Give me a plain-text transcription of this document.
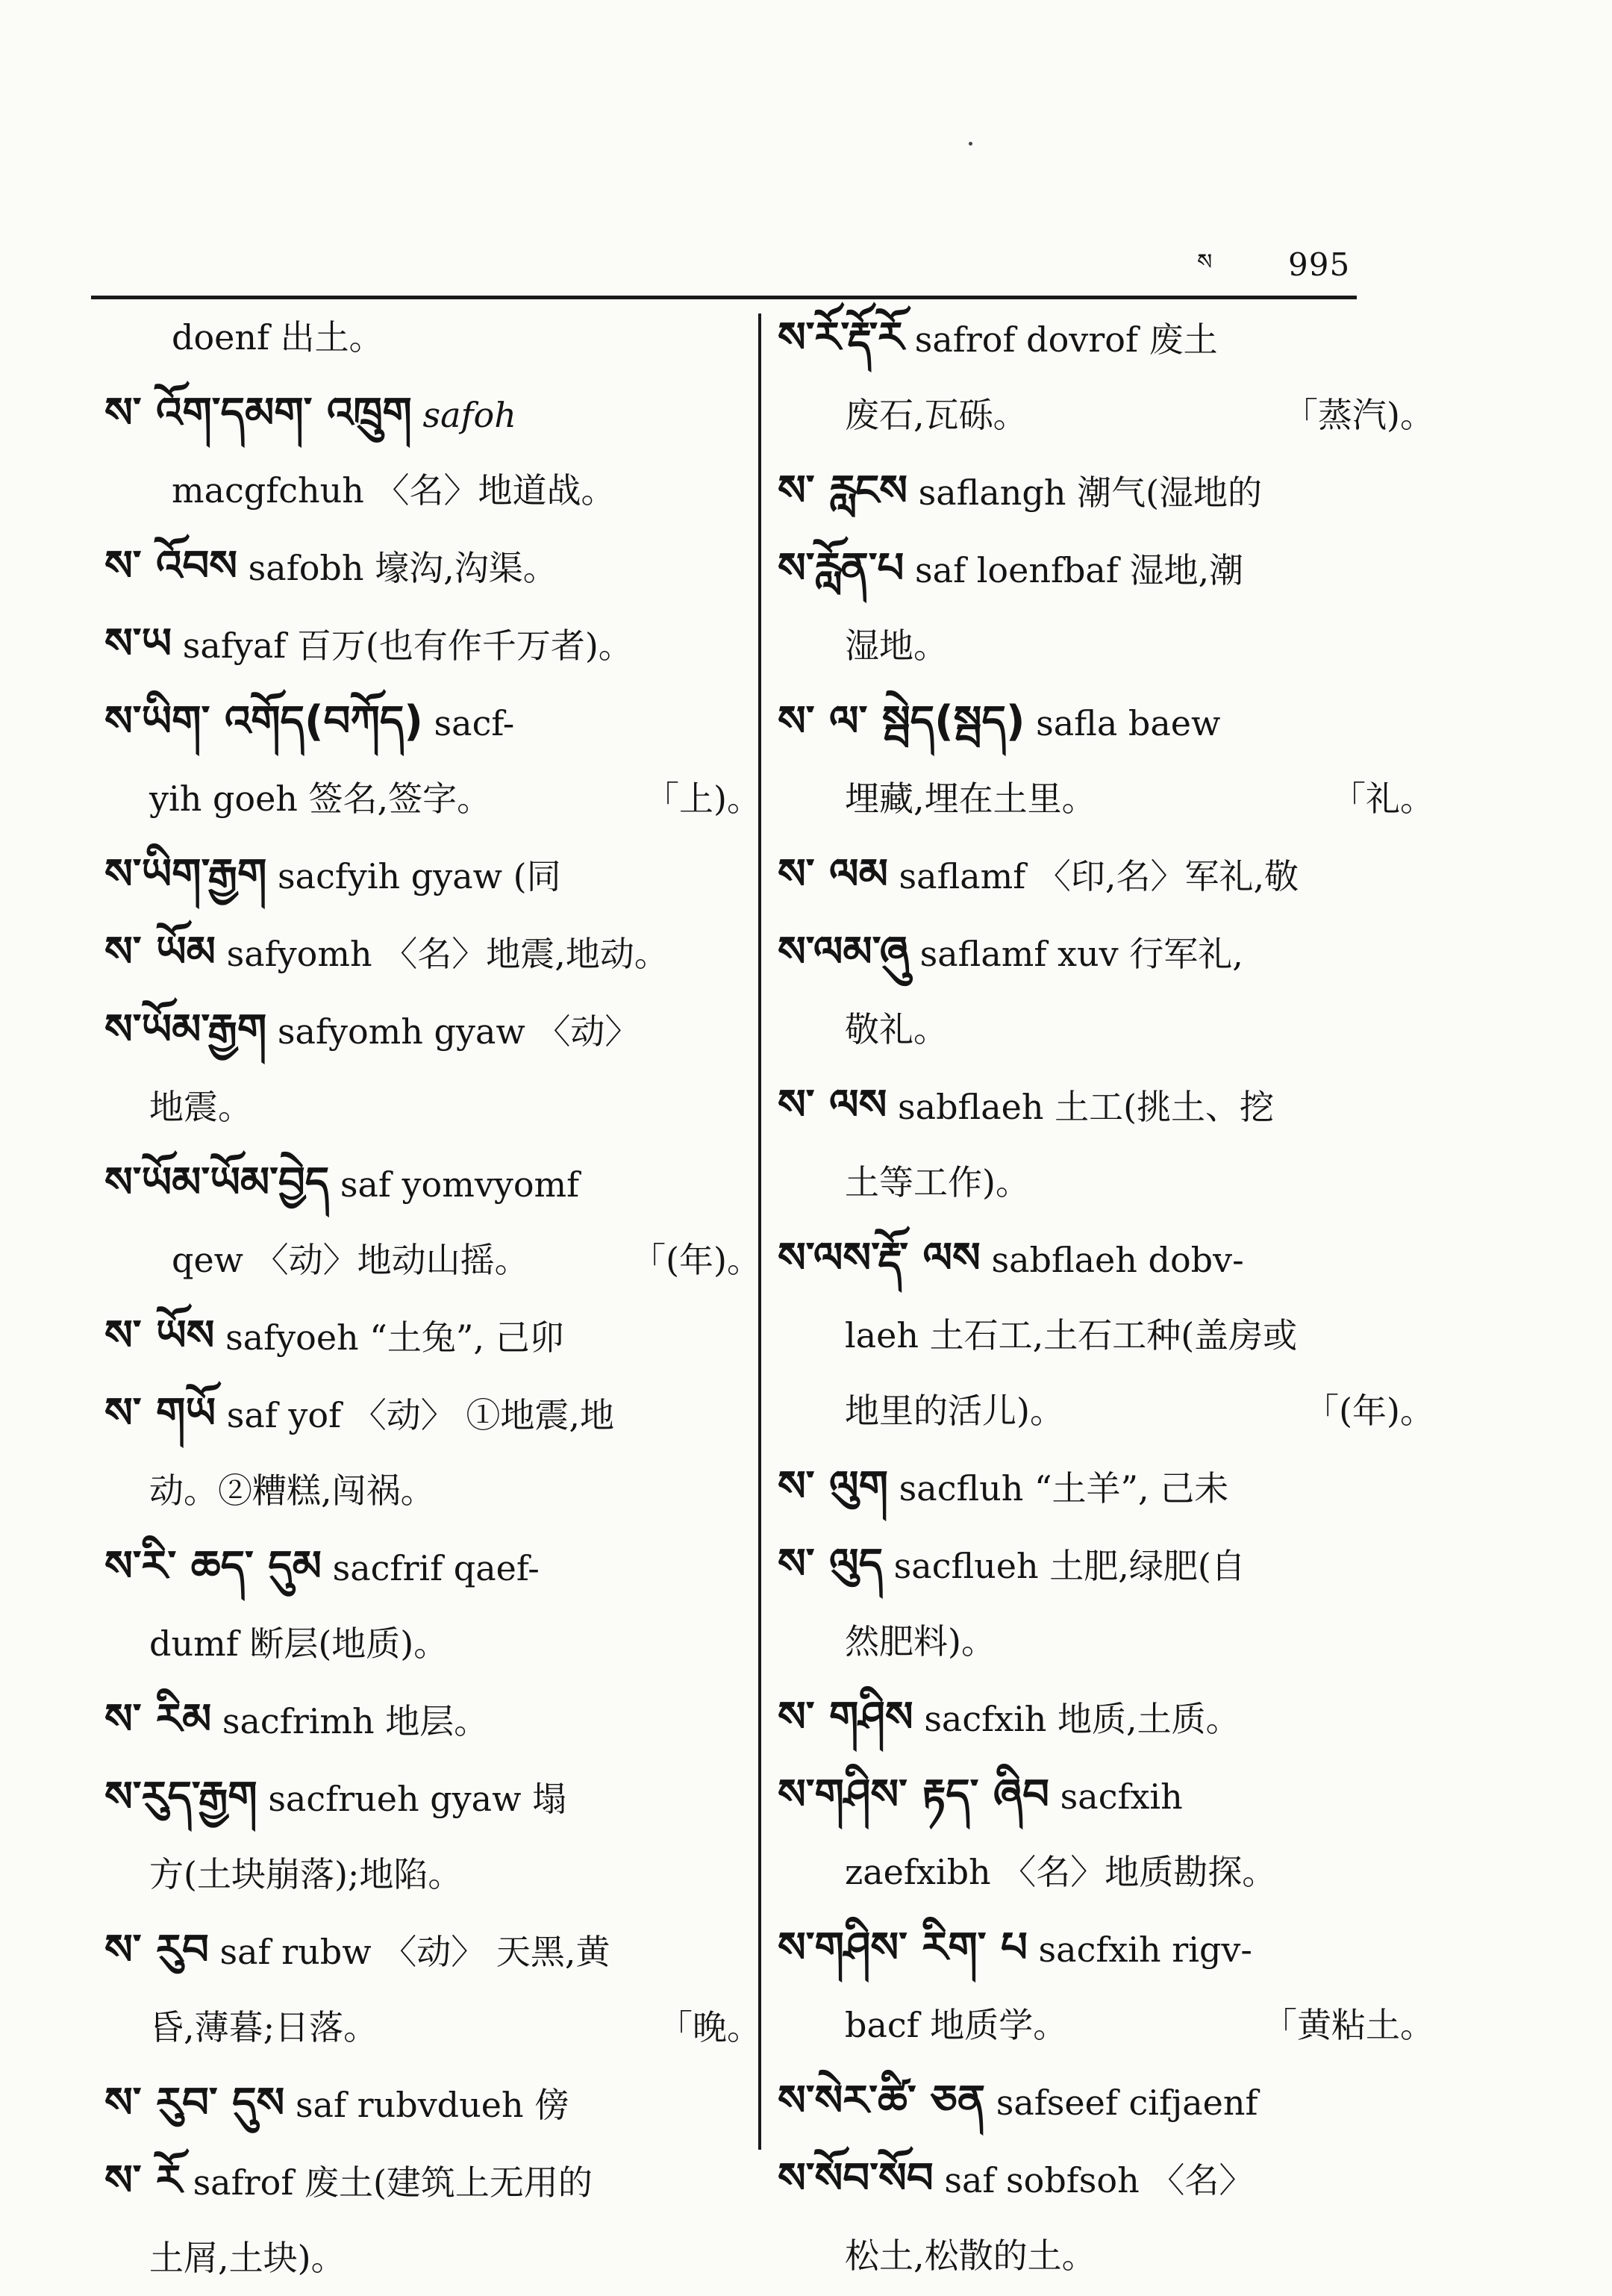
ས 995

doenf 出土。

ས་ འོག་དམག་ འཁྲུག safoh

macgfchuh 〈名〉地道战。

ས་ འོབས safobh 壕沟,沟渠。

ས་ཡ safyaf 百万(也有作千万者)。

ས་ཡིག་ འགོད(བཀོད) sacf-

yih goeh 签名,签字。	「上)。

ས་ཡིག་རྒྱག sacfyih gyaw (同

ས་ ཡོམ safyomh 〈名〉地震,地动。

ས་ཡོམ་རྒྱག safyomh gyaw 〈动〉

地震。

ས་ཡོམ་ཡོམ་བྱེད saf yomvyomf

qew 〈动〉地动山摇。	「(年)。

ས་ ཡོས safyoeh “土兔”, 己卯

ས་ གཡོ saf yof 〈动〉 ①地震,地

动。②糟糕,闯祸。

ས་རི་ ཆད་ དུམ sacfrif qaef-

dumf 断层(地质)。

ས་ རིམ sacfrimh 地层。

ས་རུད་རྒྱག sacfrueh gyaw 塌

方(土块崩落);地陷。

ས་ རུབ saf rubw 〈动〉 天黑,黄

昏,薄暮;日落。	「晚。

ས་ རུབ་ དུས saf rubvdueh 傍

ས་ རོ safrof 废土(建筑上无用的

土屑,土块)。

ས་རོ་རྡོ་རོ safrof dovrof 废土

废石,瓦砾。	「蒸汽)。

ས་ རླངས saflangh 潮气(湿地的

ས་རློན་པ saf loenfbaf 湿地,潮

湿地。

ས་ ལ་ སྦེད(སྦད) safla baew

埋藏,埋在土里。	「礼。

ས་ ལམ saflamf 〈印,名〉军礼,敬

ས་ལམ་ཞུ saflamf xuv 行军礼,

敬礼。

ས་ ལས sabflaeh 土工(挑土、挖

土等工作)。

ས་ལས་རྡོ་ ལས sabflaeh dobv-

laeh 土石工,土石工种(盖房或

地里的活儿)。	「(年)。

ས་ ལུག sacfluh “土羊”, 己未

ས་ ལུད sacflueh 土肥,绿肥(自

然肥料)。

ས་ གཤིས sacfxih 地质,土质。

ས་གཤིས་ རྟད་ ཞིབ sacfxih

zaefxibh 〈名〉地质勘探。

ས་གཤིས་ རིག་ པ sacfxih rigv-

bacf 地质学。	「黄粘土。

ས་སེར་ཚི་ ཅན safseef cifjaenf

ས་སོབ་སོབ saf sobfsoh 〈名〉

松土,松散的土。
